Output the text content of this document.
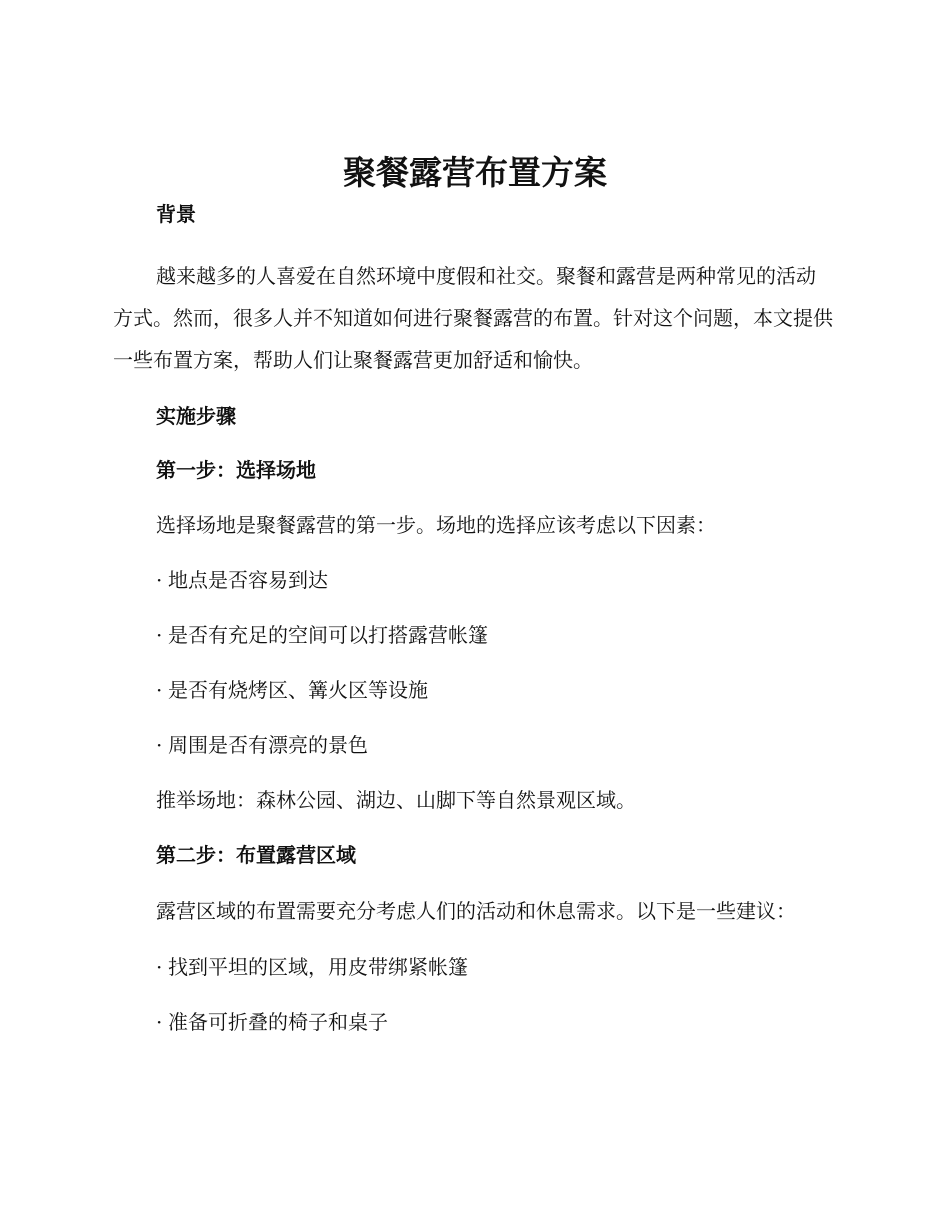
聚餐露营布置方案

背景

越来越多的人喜爱在自然环境中度假和社交。聚餐和露营是两种常见的活动方式。然而，很多人并不知道如何进行聚餐露营的布置。针对这个问题，本文提供一些布置方案，帮助人们让聚餐露营更加舒适和愉快。

实施步骤

第一步：选择场地

选择场地是聚餐露营的第一步。场地的选择应该考虑以下因素：

· 地点是否容易到达

· 是否有充足的空间可以打搭露营帐篷

· 是否有烧烤区、篝火区等设施

· 周围是否有漂亮的景色

推举场地：森林公园、湖边、山脚下等自然景观区域。

第二步：布置露营区域

露营区域的布置需要充分考虑人们的活动和休息需求。以下是一些建议：

· 找到平坦的区域，用皮带绑紧帐篷

· 准备可折叠的椅子和桌子
